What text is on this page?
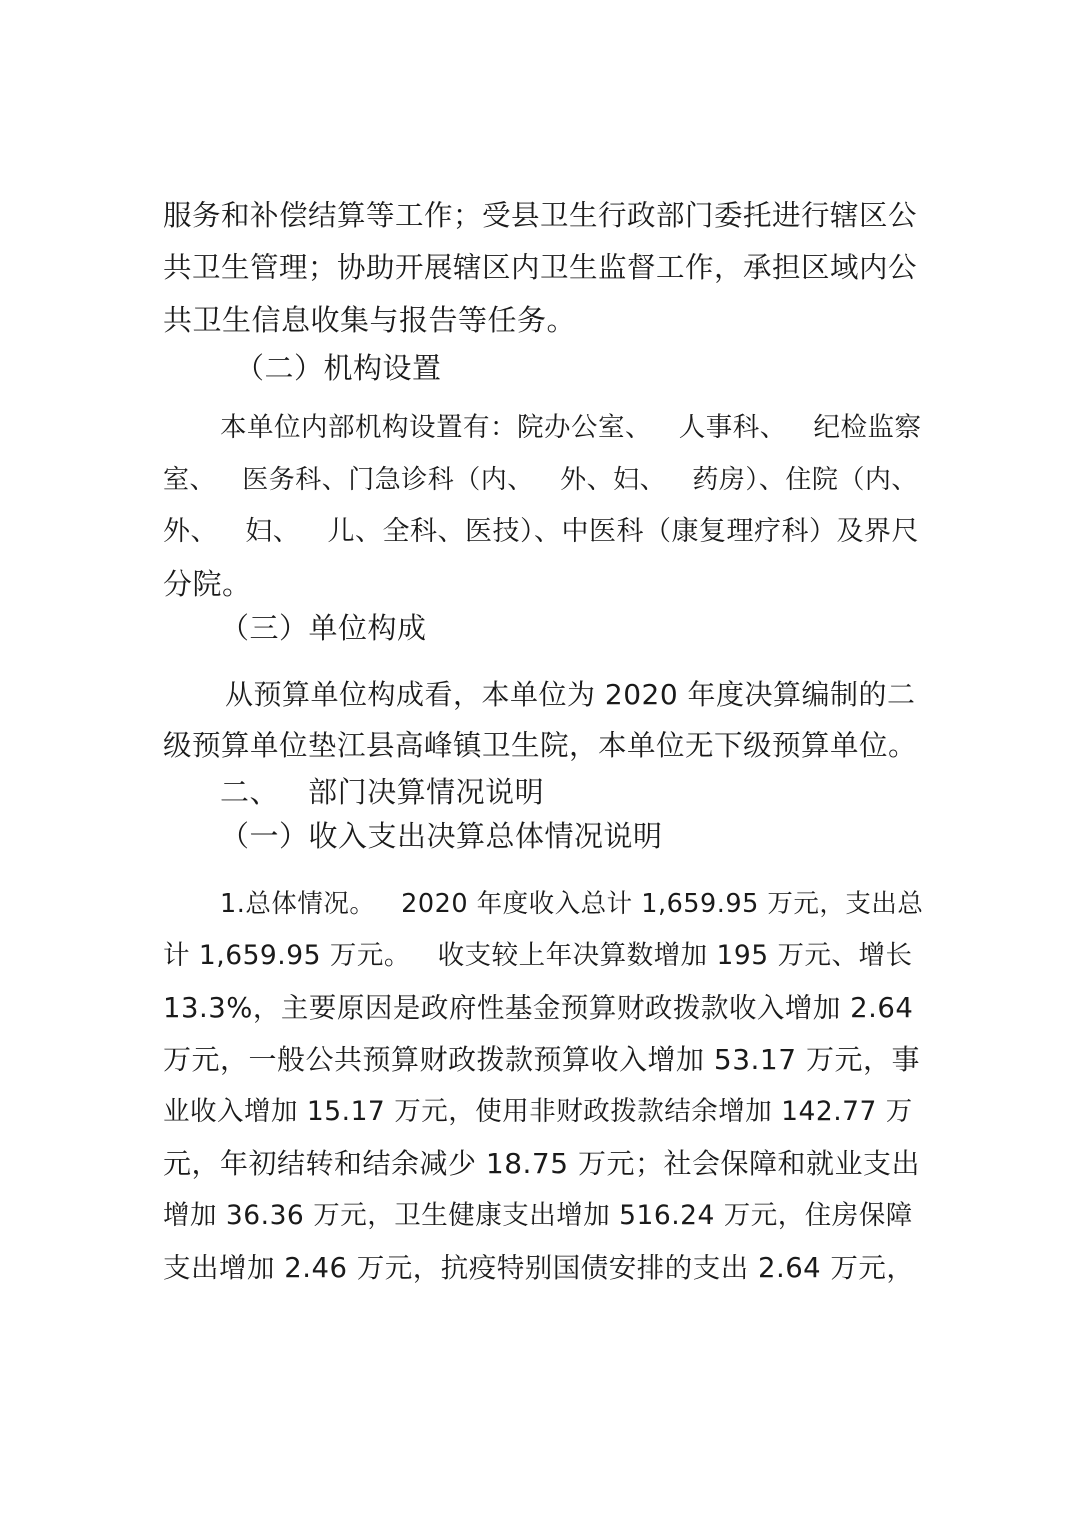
服务和补偿结算等工作；受县卫生行政部门委托进行辖区公
共卫生管理；协助开展辖区内卫生监督工作，承担区域内公
共卫生信息收集与报告等任务。
（二）机构设置
本单位内部机构设置有：院办公室、   人事科、   纪检监察
室、   医务科、门急诊科（内、   外、妇、   药房）、住院（内、
外、   妇、   儿、全科、医技）、中医科（康复理疗科）及界尺
分院。
（三）单位构成
从预算单位构成看，本单位为 2020 年度决算编制的二
级预算单位垫江县高峰镇卫生院，本单位无下级预算单位。
二、   部门决算情况说明
（一）收入支出决算总体情况说明
1.总体情况。   2020 年度收入总计 1,659.95 万元，支出总
计 1,659.95 万元。   收支较上年决算数增加 195 万元、增长
13.3%，主要原因是政府性基金预算财政拨款收入增加 2.64
万元，一般公共预算财政拨款预算收入增加 53.17 万元，事
业收入增加 15.17 万元，使用非财政拨款结余增加 142.77 万
元，年初结转和结余减少 18.75 万元；社会保障和就业支出
增加 36.36 万元，卫生健康支出增加 516.24 万元，住房保障
支出增加 2.46 万元，抗疫特别国债安排的支出 2.64 万元，
